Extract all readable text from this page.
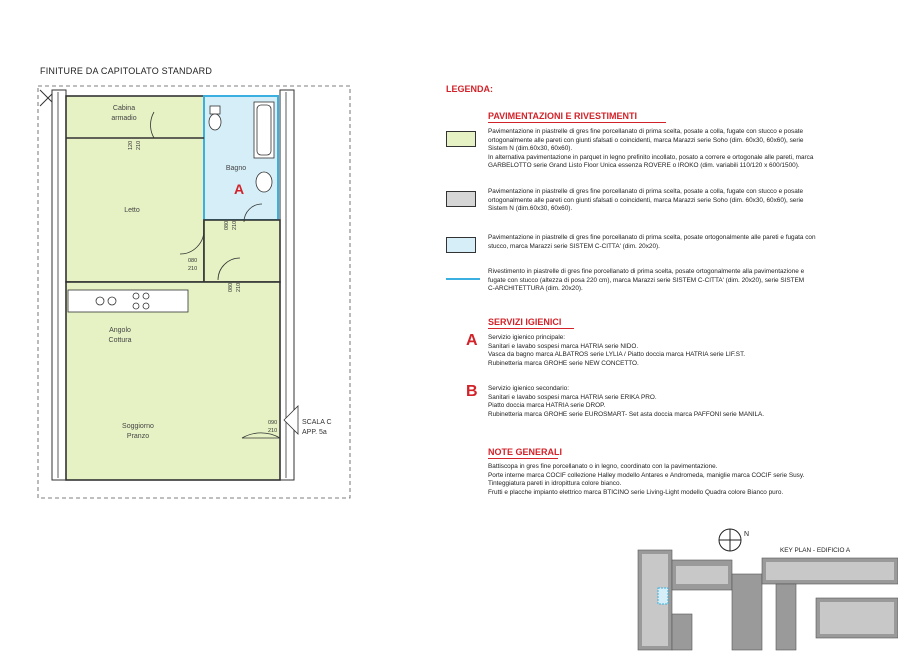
FINITURE DA CAPITOLATO STANDARD
Cabina
armadio
Bagno
Letto
Angolo
Cottura
Soggiorno
Pranzo
120 210
080 210
080
210
080 210
090
210
A
SCALA C
APP. 5a
LEGENDA:
PAVIMENTAZIONI E RIVESTIMENTI
Pavimentazione in piastrelle di gres fine porcellanato di prima scelta, posate a colla, fugate con stucco e posate
ortogonalmente alle pareti con giunti sfalsati o coincidenti, marca Marazzi serie Soho (dim. 60x30, 60x60), serie
Sistem N (dim.60x30, 60x60).
In alternativa pavimentazione in parquet in legno prefinito incollato, posato a correre e ortogonale alle pareti, marca
GARBELOTTO serie Grand Listo Floor Unica essenza ROVERE o IROKO (dim. variabili 110/120 x 600/1500).
Pavimentazione in piastrelle di gres fine porcellanato di prima scelta, posate a colla, fugate con stucco e posate
ortogonalmente alle pareti con giunti sfalsati o coincidenti, marca Marazzi serie Soho (dim. 60x30, 60x60), serie
Sistem N (dim.60x30, 60x60).
Pavimentazione in piastrelle di gres fine porcellanato di prima scelta, posate ortogonalmente alle pareti e fugata con
stucco, marca Marazzi serie SISTEM C-CITTA' (dim. 20x20).
Rivestimento in piastrelle di gres fine porcellanato di prima scelta, posate ortogonalmente alla pavimentazione e
fugate con stucco (altezza di posa 220 cm), marca Marazzi serie SISTEM C-CITTA' (dim. 20x20), serie SISTEM
C-ARCHITETTURA (dim. 20x20).
SERVIZI IGIENICI
A Servizio igienico principale:
Sanitari e lavabo sospesi marca HATRIA serie NIDO.
Vasca da bagno marca ALBATROS serie LYLIA / Piatto doccia marca HATRIA serie LIF.ST.
Rubinetteria marca GROHE serie NEW CONCETTO.
B Servizio igienico secondario:
Sanitari e lavabo sospesi marca HATRIA serie ERIKA PRO.
Piatto doccia marca HATRIA serie DROP.
Rubinetteria marca GROHE serie EUROSMART- Set asta doccia marca PAFFONI serie MANILA.
NOTE GENERALI
Battiscopa in gres fine porcellanato o in legno, coordinato con la pavimentazione.
Porte interne marca COCIF collezione Halley modello Antares e Andromeda, maniglie marca COCIF serie Susy.
Tinteggiatura pareti in idropittura colore bianco.
Frutti e placche impianto elettrico marca BTICINO serie Living-Light modello Quadra colore Bianco puro.
N
KEY PLAN - EDIFICIO A
